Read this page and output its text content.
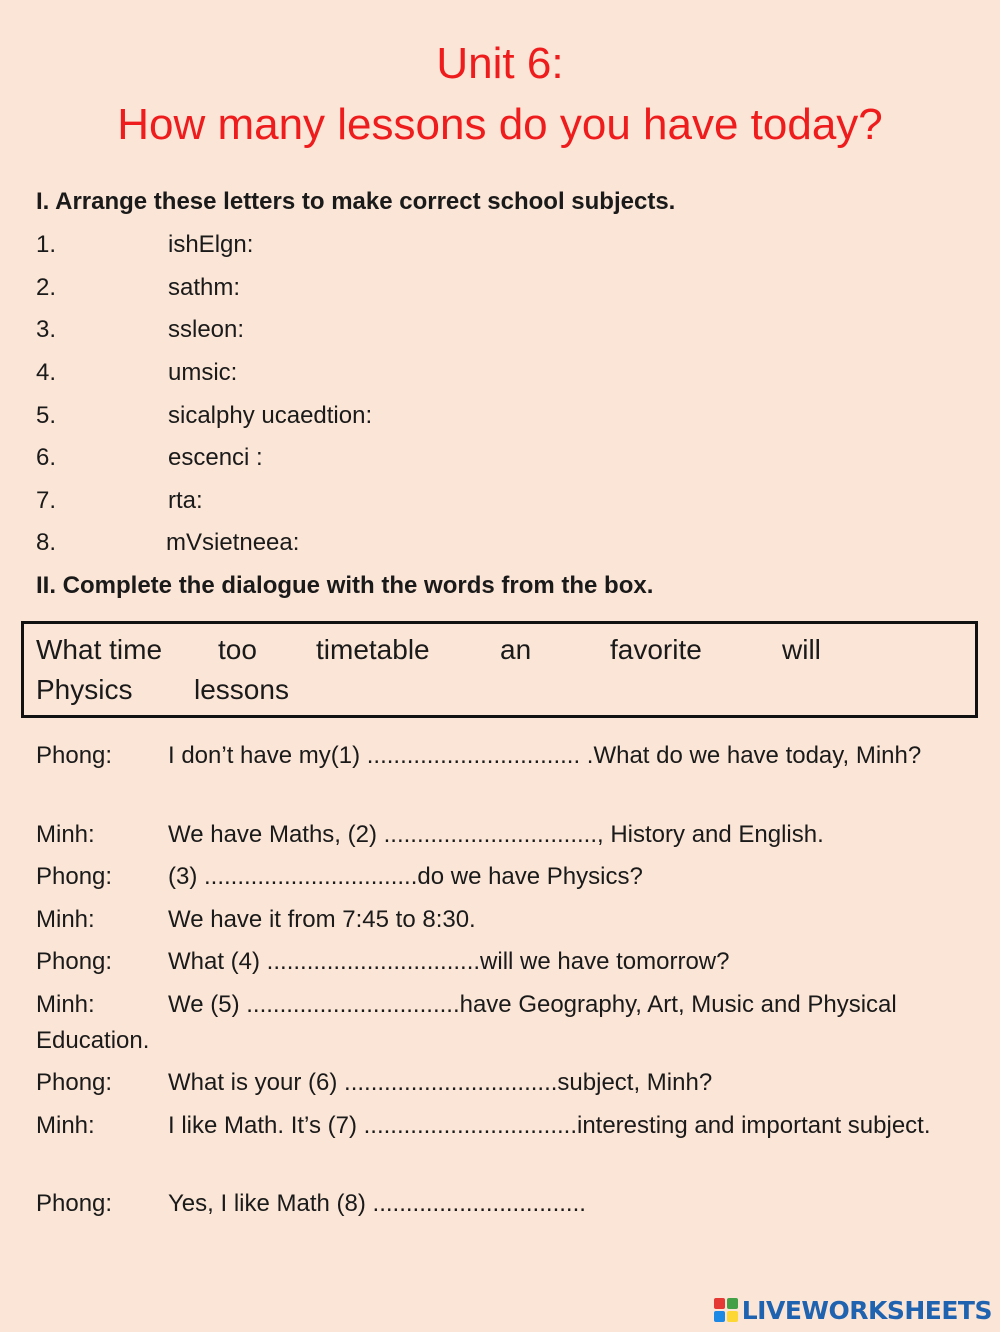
Unit 6:
How many lessons do you have today?
I. Arrange these letters to make correct school subjects.
1.	ishElgn:
2.	sathm:
3.	ssleon:
4.	umsic:
5.	sicalphy ucaedtion:
6.	escenci :
7.	rta:
8.	mVsietneea:
II. Complete the dialogue with the words from the box.
What time too timetable	an	favorite	will
Physics lessons
Phong:	I don’t have my(1) ................................ .What do we have today, Minh?
Minh:	We have Maths, (2) ................................, History and English.
Phong:	(3) ................................do we have Physics?
Minh:	We have it from 7:45 to 8:30.
Phong:	What (4) ................................will we have tomorrow?
Minh:	We (5) ................................have Geography, Art, Music and Physical Education.
Phong:	What is your (6) ................................subject, Minh?
Minh:	I like Math. It’s (7) ................................interesting and important subject.
Phong:	Yes, I like Math (8) ................................
LIVEWORKSHEETS
